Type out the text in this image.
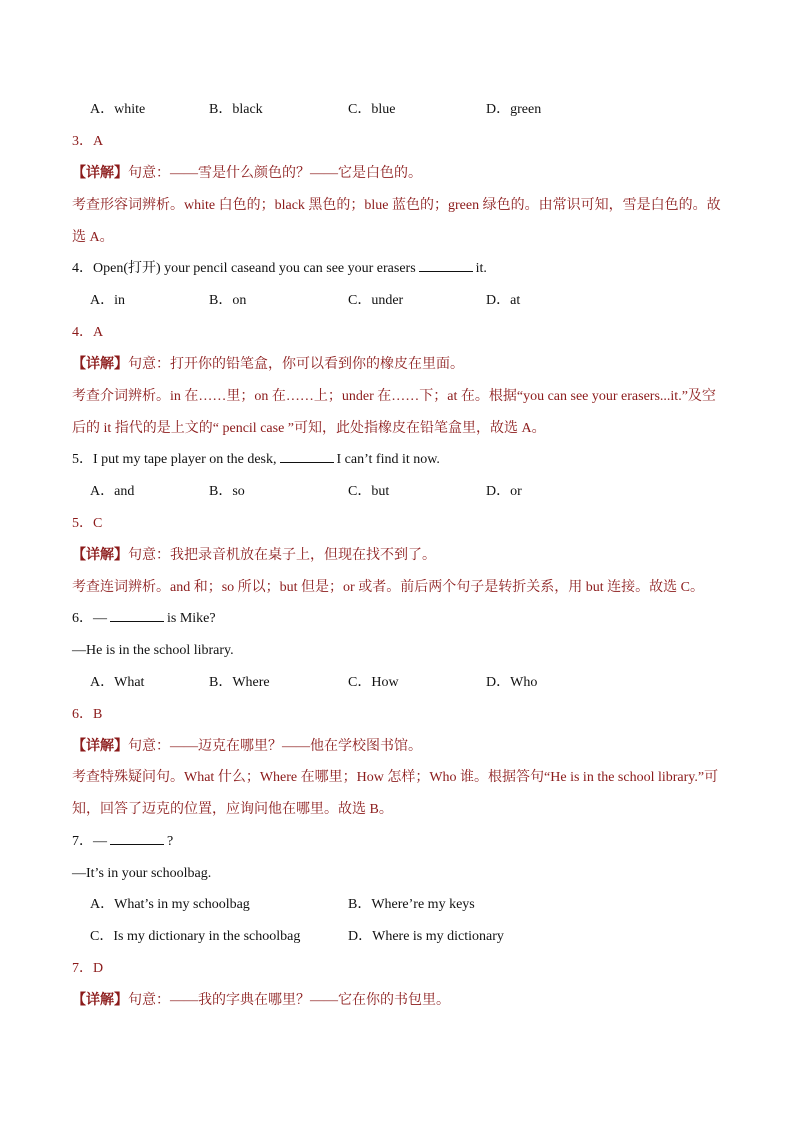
A．white	B．black	C．blue	D．green
3．A
【详解】句意：——雪是什么颜色的？——它是白色的。
考查形容词辨析。white 白色的；black 黑色的；blue 蓝色的；green 绿色的。由常识可知，雪是白色的。故
选 A。
4．Open(打开) your pencil caseand you can see your erasers	it.
A．in	B．on	C．under	D．at
4．A
【详解】句意：打开你的铅笔盒，你可以看到你的橡皮在里面。
考查介词辨析。in 在……里；on 在……上；under 在……下；at 在。根据“you can see your erasers...it.”及空
后的 it 指代的是上文的“ pencil case ”可知，此处指橡皮在铅笔盒里，故选 A。
5．I put my tape player on the desk,	I can’t find it now.
A．and	B．so	C．but	D．or
5．C
【详解】句意：我把录音机放在桌子上，但现在找不到了。
考查连词辨析。and 和；so 所以；but 但是；or 或者。前后两个句子是转折关系，用 but 连接。故选 C。
6．—	is Mike?
—He is in the school library.
A．What	B．Where	C．How	D．Who
6．B
【详解】句意：——迈克在哪里？——他在学校图书馆。
考查特殊疑问句。What 什么；Where 在哪里；How 怎样；Who 谁。根据答句“He is in the school library.”可
知，回答了迈克的位置，应询问他在哪里。故选 B。
7．—	?
—It’s in your schoolbag.
A．What’s in my schoolbag	B．Where’re my keys
C．Is my dictionary in the schoolbag	D．Where is my dictionary
7．D
【详解】句意：——我的字典在哪里？——它在你的书包里。
